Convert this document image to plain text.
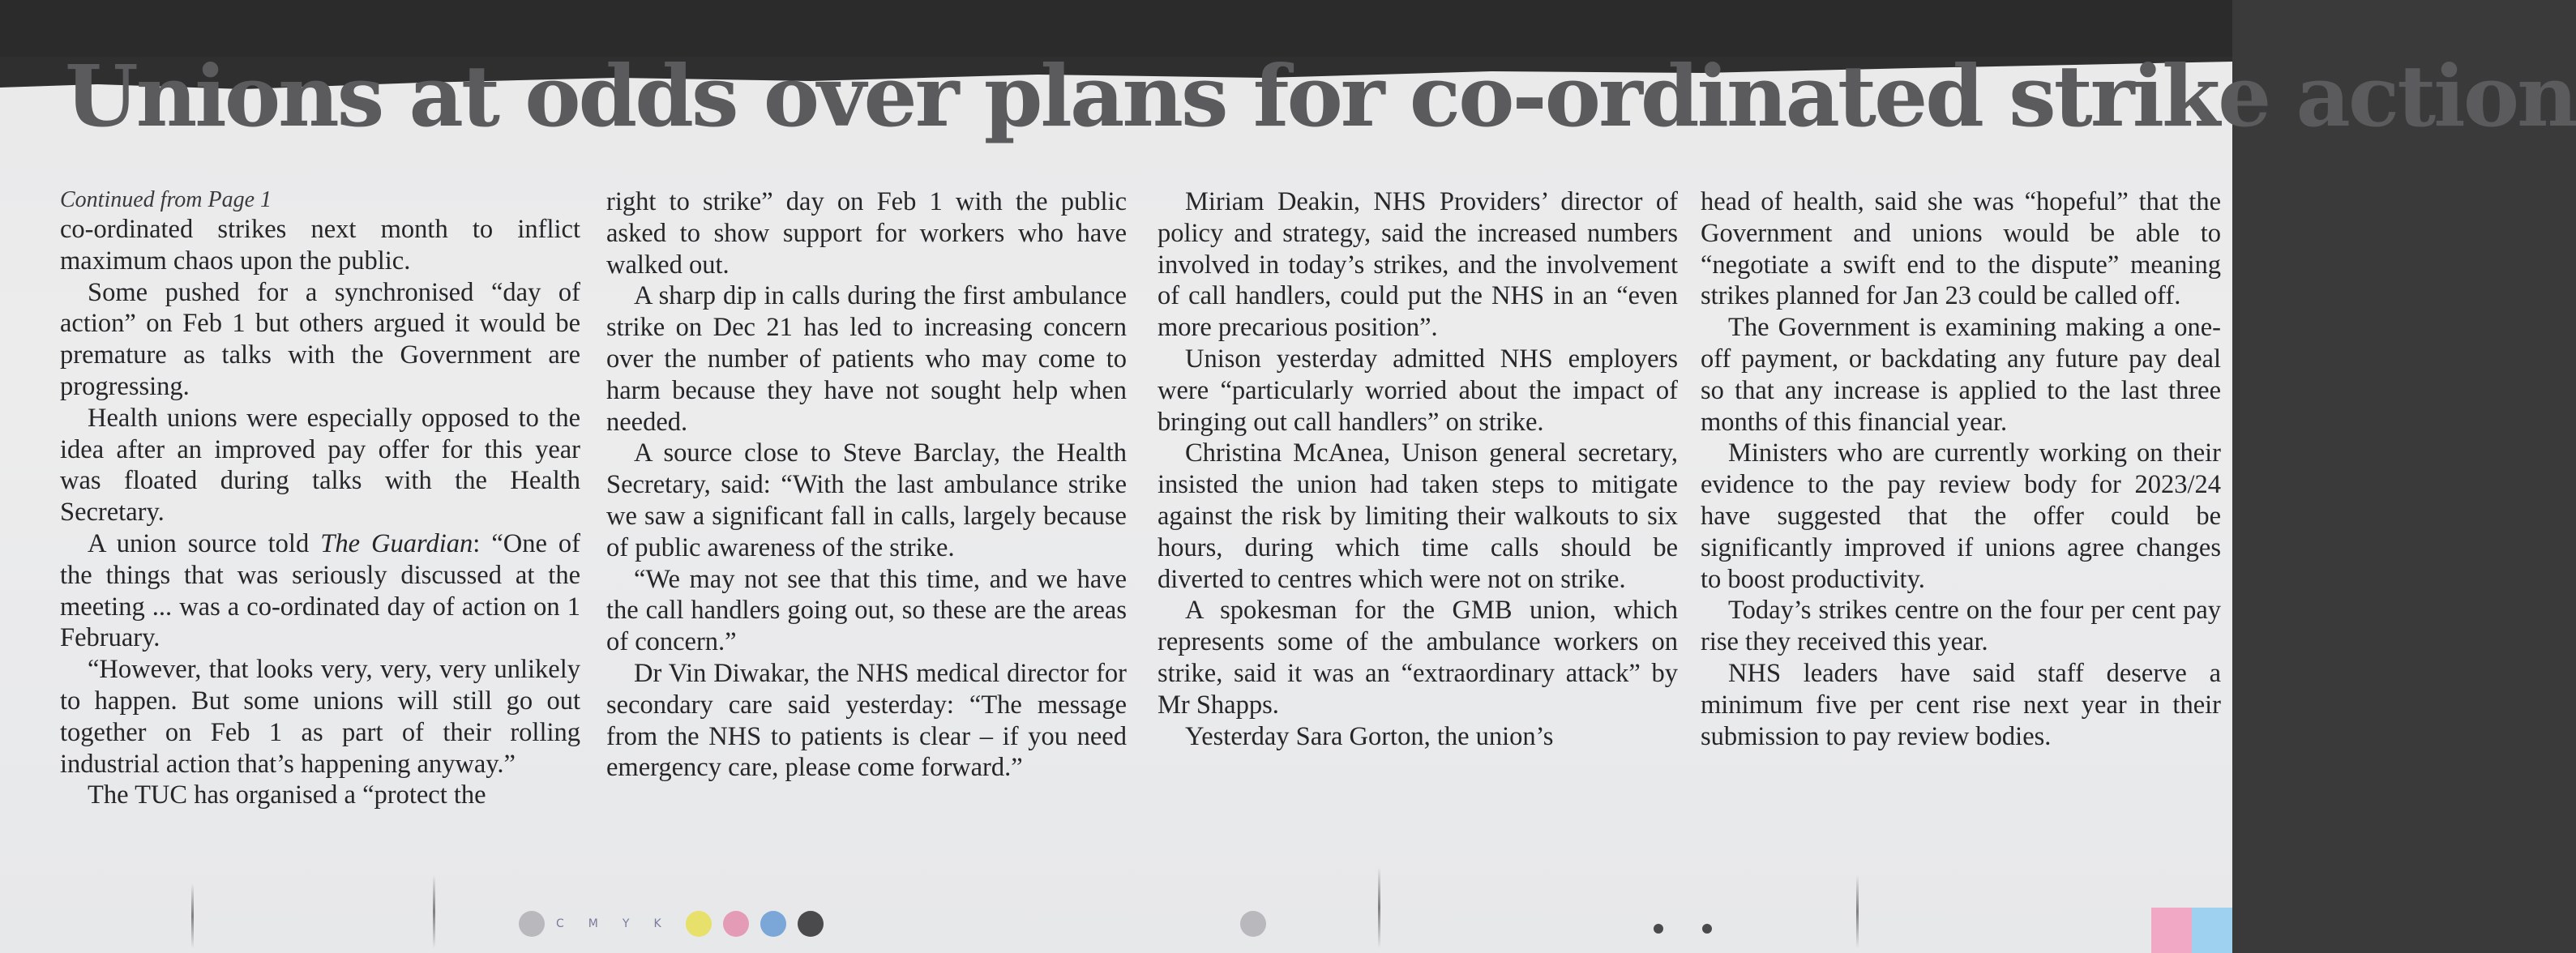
Unions at odds over plans for co-ordinated strike action

Continued from Page 1

co-ordinated strikes next month to inflict maximum chaos upon the public.

Some pushed for a synchronised “day of action” on Feb 1 but others argued it would be premature as talks with the Government are progressing.

Health unions were especially opposed to the idea after an improved pay offer for this year was floated during talks with the Health Secretary.

A union source told The Guardian: “One of the things that was seriously discussed at the meeting ... was a co-ordinated day of action on 1 February.

“However, that looks very, very, very unlikely to happen. But some unions will still go out together on Feb 1 as part of their rolling industrial action that’s happening anyway.”

The TUC has organised a “protect the

right to strike” day on Feb 1 with the public asked to show support for workers who have walked out.

A sharp dip in calls during the first ambulance strike on Dec 21 has led to increasing concern over the number of patients who may come to harm because they have not sought help when needed.

A source close to Steve Barclay, the Health Secretary, said: “With the last ambulance strike we saw a significant fall in calls, largely because of public awareness of the strike.

“We may not see that this time, and we have the call handlers going out, so these are the areas of concern.”

Dr Vin Diwakar, the NHS medical director for secondary care said yesterday: “The message from the NHS to patients is clear – if you need emergency care, please come forward.”

Miriam Deakin, NHS Providers’ director of policy and strategy, said the increased numbers involved in today’s strikes, and the involvement of call handlers, could put the NHS in an “even more precarious position”.

Unison yesterday admitted NHS employers were “particularly worried about the impact of bringing out call handlers” on strike.

Christina McAnea, Unison general secretary, insisted the union had taken steps to mitigate against the risk by limiting their walkouts to six hours, during which time calls should be diverted to centres which were not on strike.

A spokesman for the GMB union, which represents some of the ambulance workers on strike, said it was an “extraordinary attack” by Mr Shapps.

Yesterday Sara Gorton, the union’s

head of health, said she was “hopeful” that the Government and unions would be able to “negotiate a swift end to the dispute” meaning strikes planned for Jan 23 could be called off.

The Government is examining making a one-off payment, or backdating any future pay deal so that any increase is applied to the last three months of this financial year.

Ministers who are currently working on their evidence to the pay review body for 2023/24 have suggested that the offer could be significantly improved if unions agree changes to boost productivity.

Today’s strikes centre on the four per cent pay rise they received this year.

NHS leaders have said staff deserve a minimum five per cent rise next year in their submission to pay review bodies.

C M Y K
